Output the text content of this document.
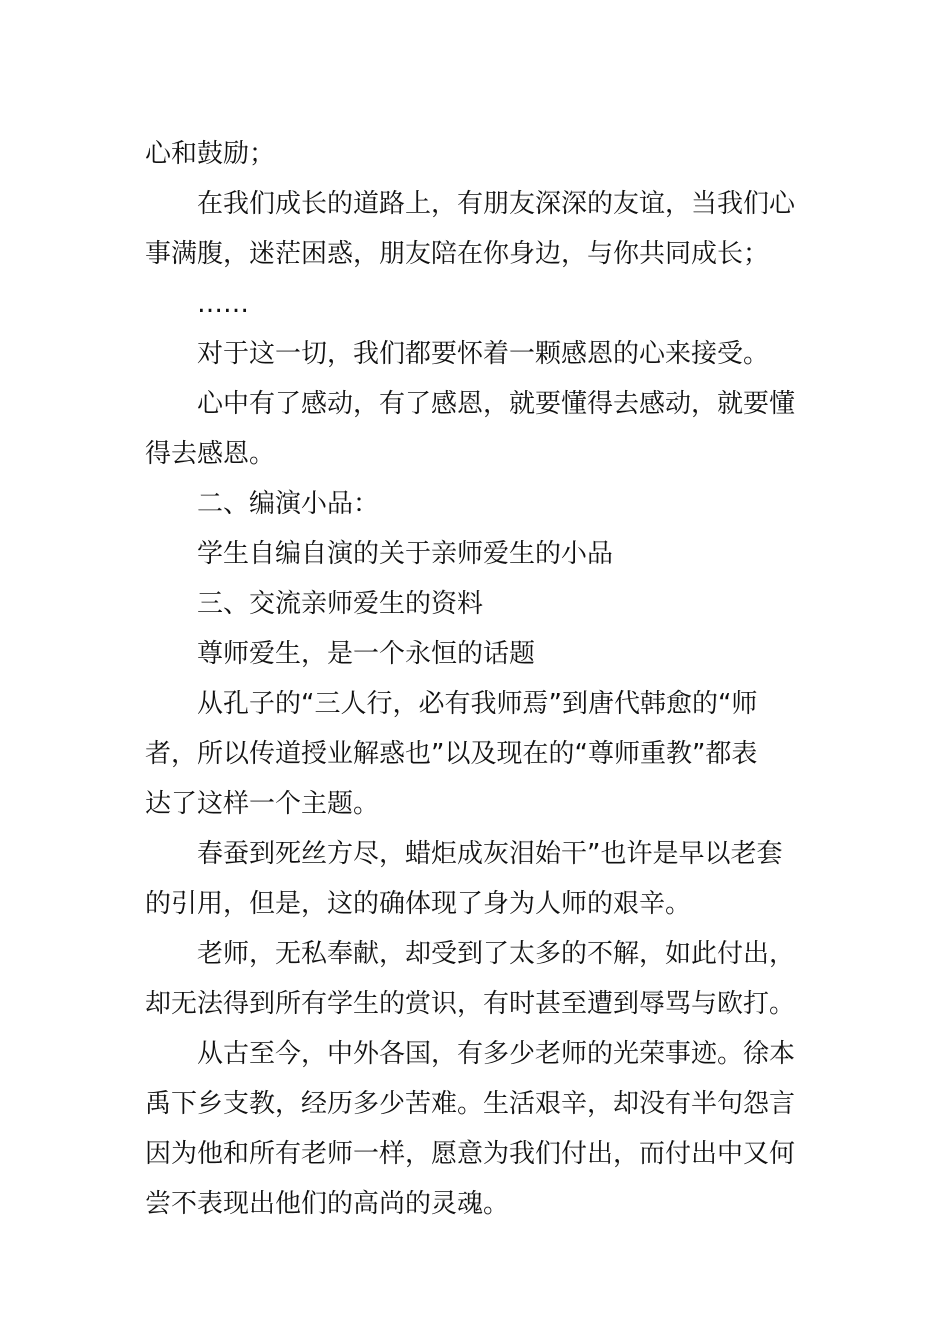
心和鼓励；
在我们成长的道路上，有朋友深深的友谊，当我们心
事满腹，迷茫困惑，朋友陪在你身边，与你共同成长；
……
对于这一切，我们都要怀着一颗感恩的心来接受。
心中有了感动，有了感恩，就要懂得去感动，就要懂
得去感恩。
二、编演小品：
学生自编自演的关于亲师爱生的小品
三、交流亲师爱生的资料
尊师爱生，是一个永恒的话题
从孔子的“三人行，必有我师焉”到唐代韩愈的“师
者，所以传道授业解惑也”以及现在的“尊师重教”都表
达了这样一个主题。
春蚕到死丝方尽，蜡炬成灰泪始干”也许是早以老套
的引用，但是，这的确体现了身为人师的艰辛。
老师，无私奉献，却受到了太多的不解，如此付出，
却无法得到所有学生的赏识，有时甚至遭到辱骂与欧打。
从古至今，中外各国，有多少老师的光荣事迹。徐本
禹下乡支教，经历多少苦难。生活艰辛，却没有半句怨言
因为他和所有老师一样，愿意为我们付出，而付出中又何
尝不表现出他们的高尚的灵魂。
